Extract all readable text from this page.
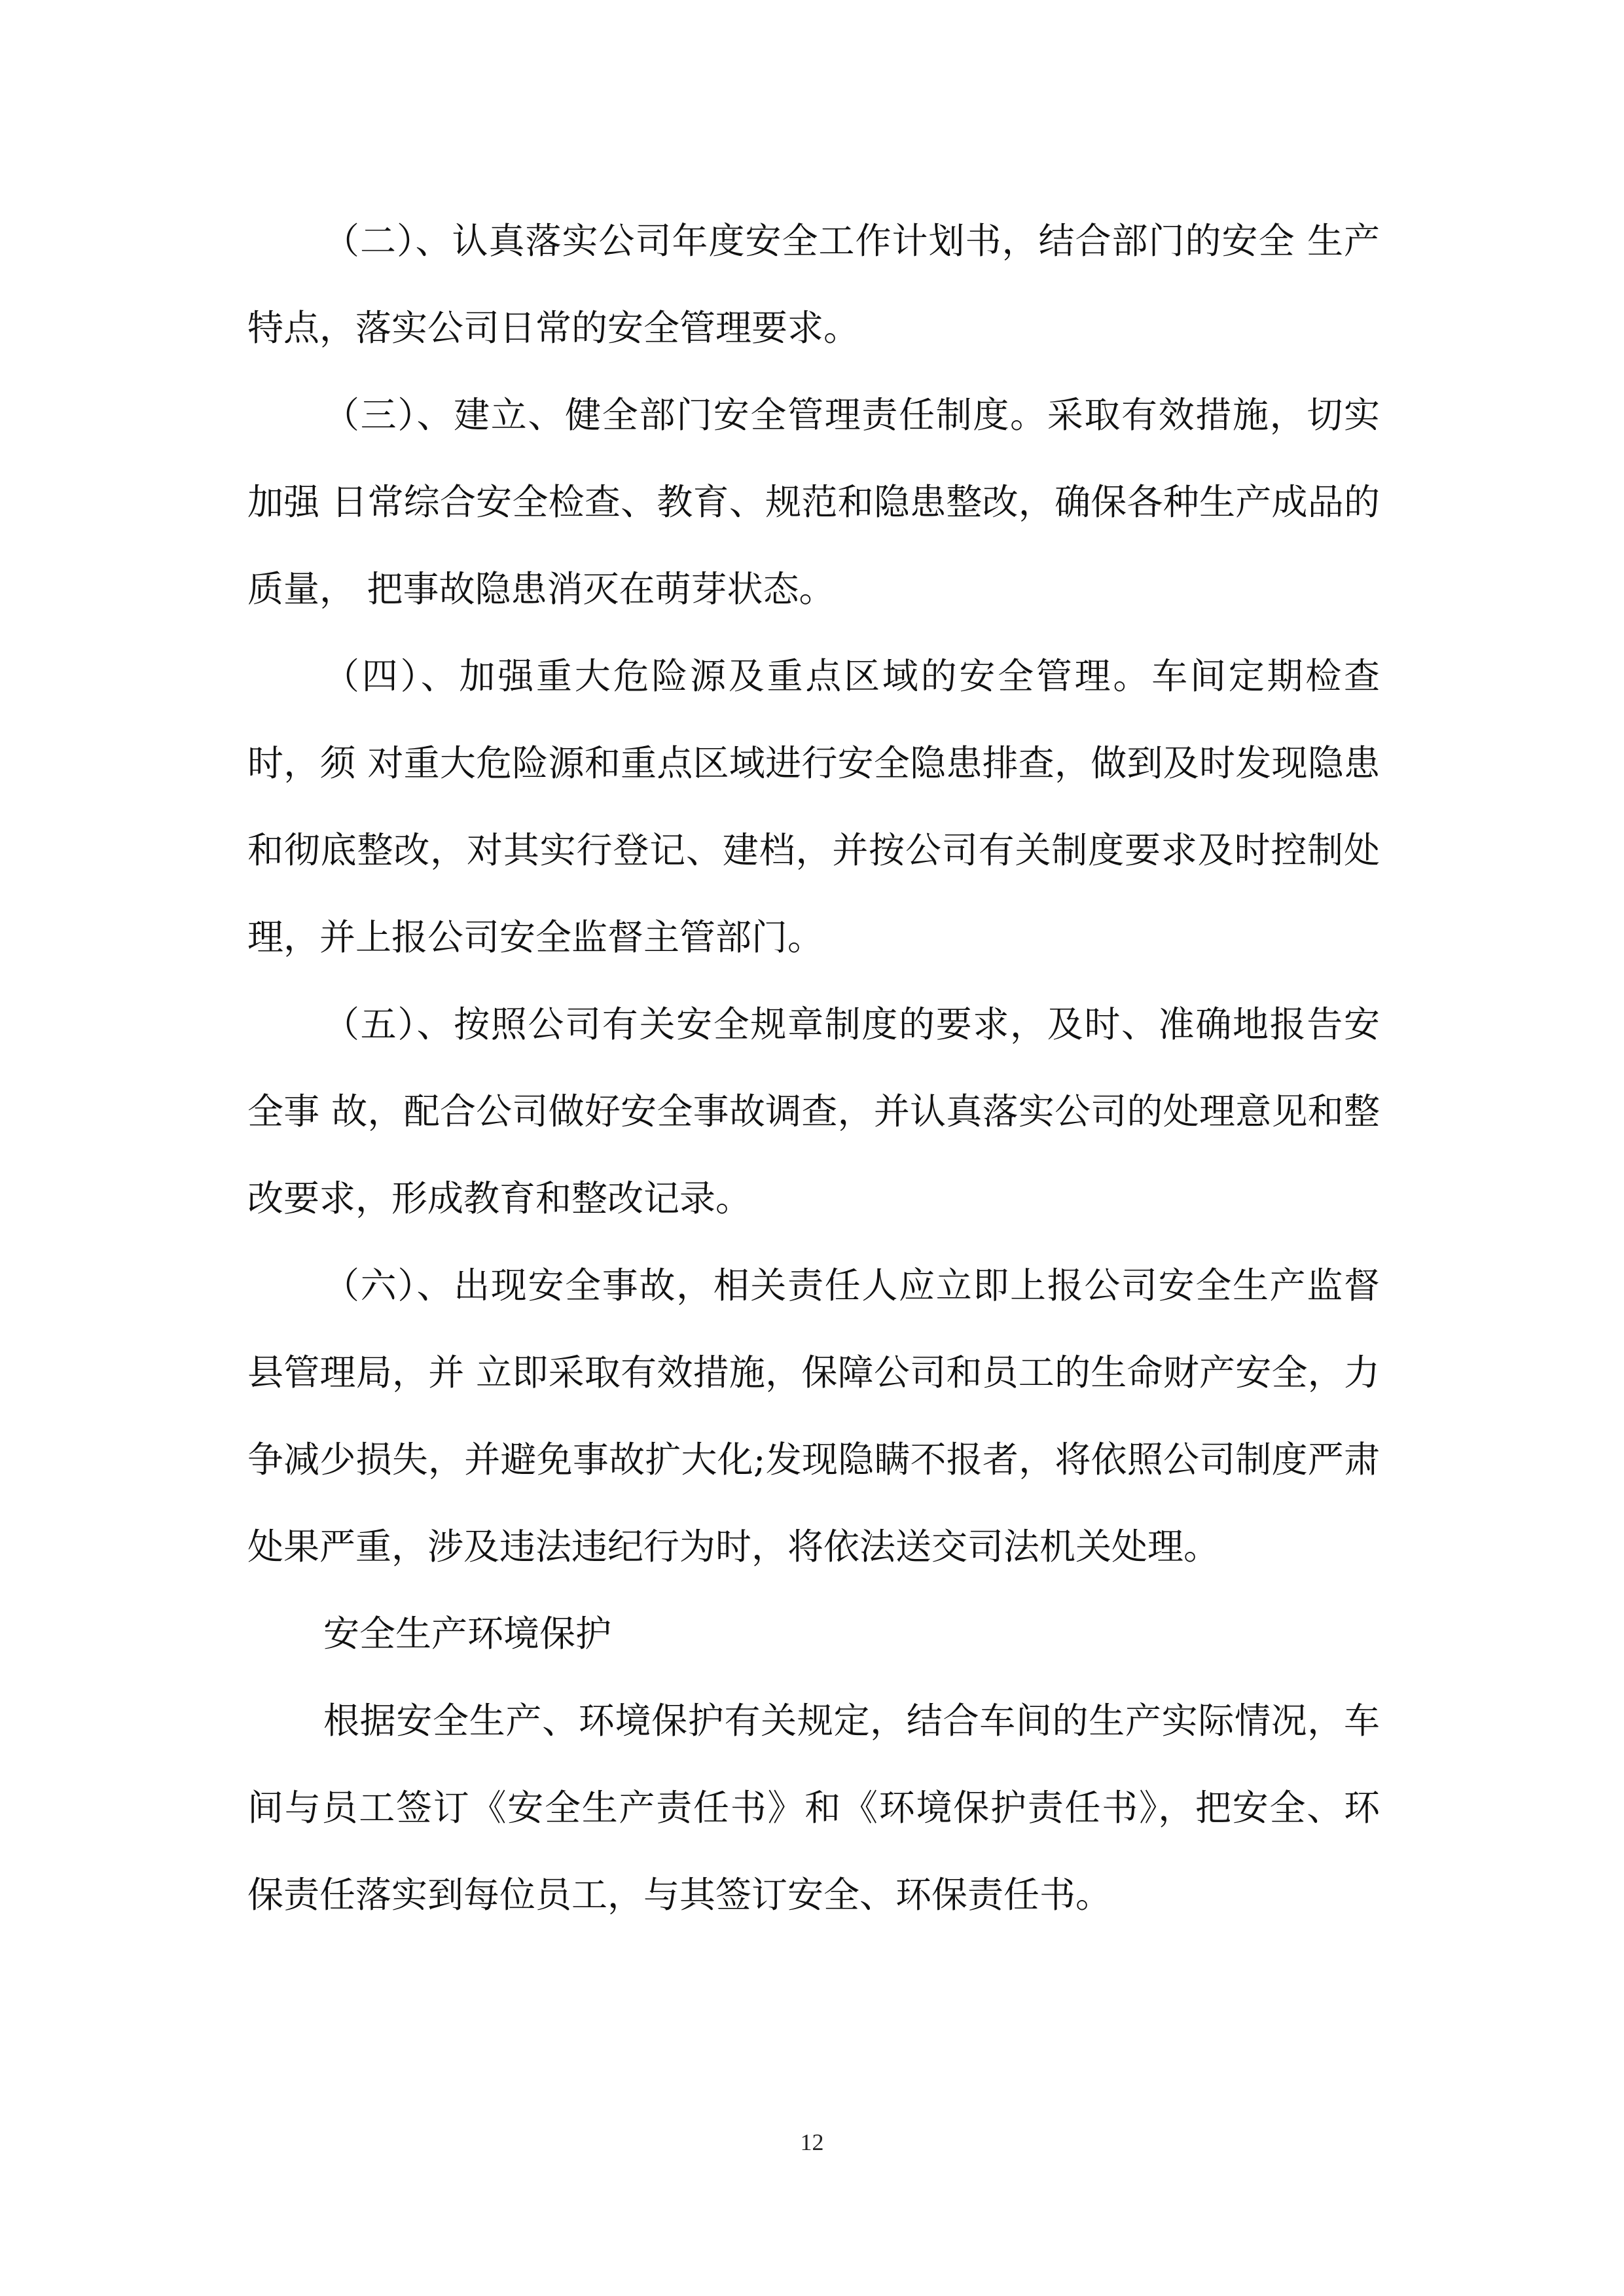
（二）、认真落实公司年度安全工作计划书，结合部门的安全 生产特点，落实公司日常的安全管理要求。

（三）、建立、健全部门安全管理责任制度。采取有效措施，切实加强 日常综合安全检查、教育、规范和隐患整改，确保各种生产成品的质量， 把事故隐患消灭在萌芽状态。

（四）、加强重大危险源及重点区域的安全管理。车间定期检查时，须 对重大危险源和重点区域进行安全隐患排查，做到及时发现隐患和彻底整改，对其实行登记、建档，并按公司有关制度要求及时控制处理，并上报公司安全监督主管部门。

（五）、按照公司有关安全规章制度的要求，及时、准确地报告安全事 故，配合公司做好安全事故调查，并认真落实公司的处理意见和整改要求，形成教育和整改记录。

（六）、出现安全事故，相关责任人应立即上报公司安全生产监督县管理局，并 立即采取有效措施，保障公司和员工的生命财产安全，力争减少损失，并避免事故扩大化;发现隐瞒不报者，将依照公司制度严肃处果严重，涉及违法违纪行为时，将依法送交司法机关处理。

安全生产环境保护

根据安全生产、环境保护有关规定，结合车间的生产实际情况，车间与员工签订《安全生产责任书》和《环境保护责任书》，把安全、环保责任落实到每位员工，与其签订安全、环保责任书。

12
